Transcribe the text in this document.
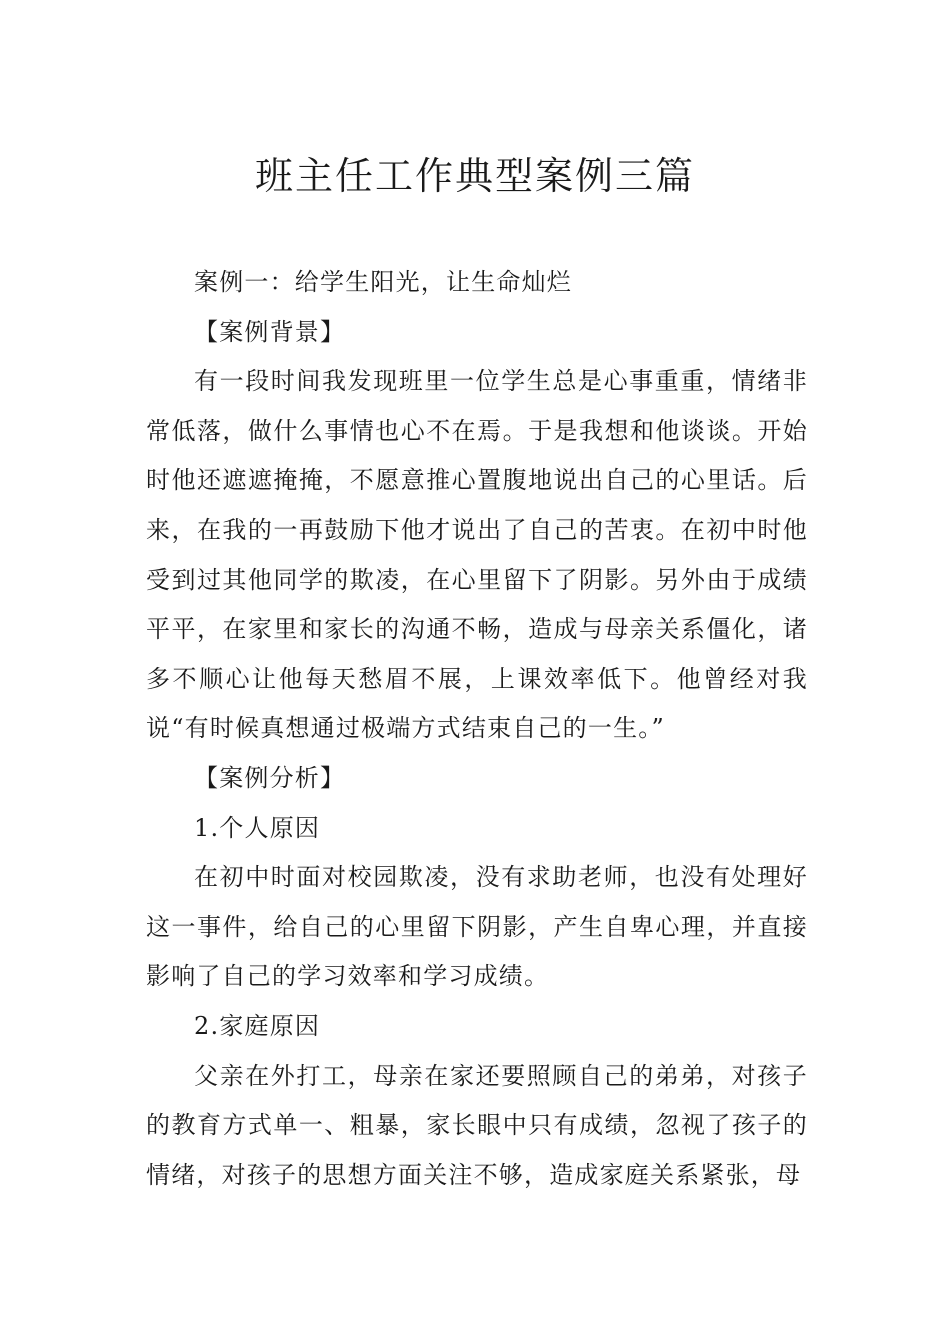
班主任工作典型案例三篇

案例一：给学生阳光，让生命灿烂

【案例背景】

有一段时间我发现班里一位学生总是心事重重，情绪非常低落，做什么事情也心不在焉。于是我想和他谈谈。开始时他还遮遮掩掩，不愿意推心置腹地说出自己的心里话。后来，在我的一再鼓励下他才说出了自己的苦衷。在初中时他受到过其他同学的欺凌，在心里留下了阴影。另外由于成绩平平，在家里和家长的沟通不畅，造成与母亲关系僵化，诸多不顺心让他每天愁眉不展，上课效率低下。他曾经对我说“有时候真想通过极端方式结束自己的一生。”

【案例分析】

1.个人原因

在初中时面对校园欺凌，没有求助老师，也没有处理好这一事件，给自己的心里留下阴影，产生自卑心理，并直接影响了自己的学习效率和学习成绩。

2.家庭原因

父亲在外打工，母亲在家还要照顾自己的弟弟，对孩子的教育方式单一、粗暴，家长眼中只有成绩，忽视了孩子的情绪，对孩子的思想方面关注不够，造成家庭关系紧张，母
